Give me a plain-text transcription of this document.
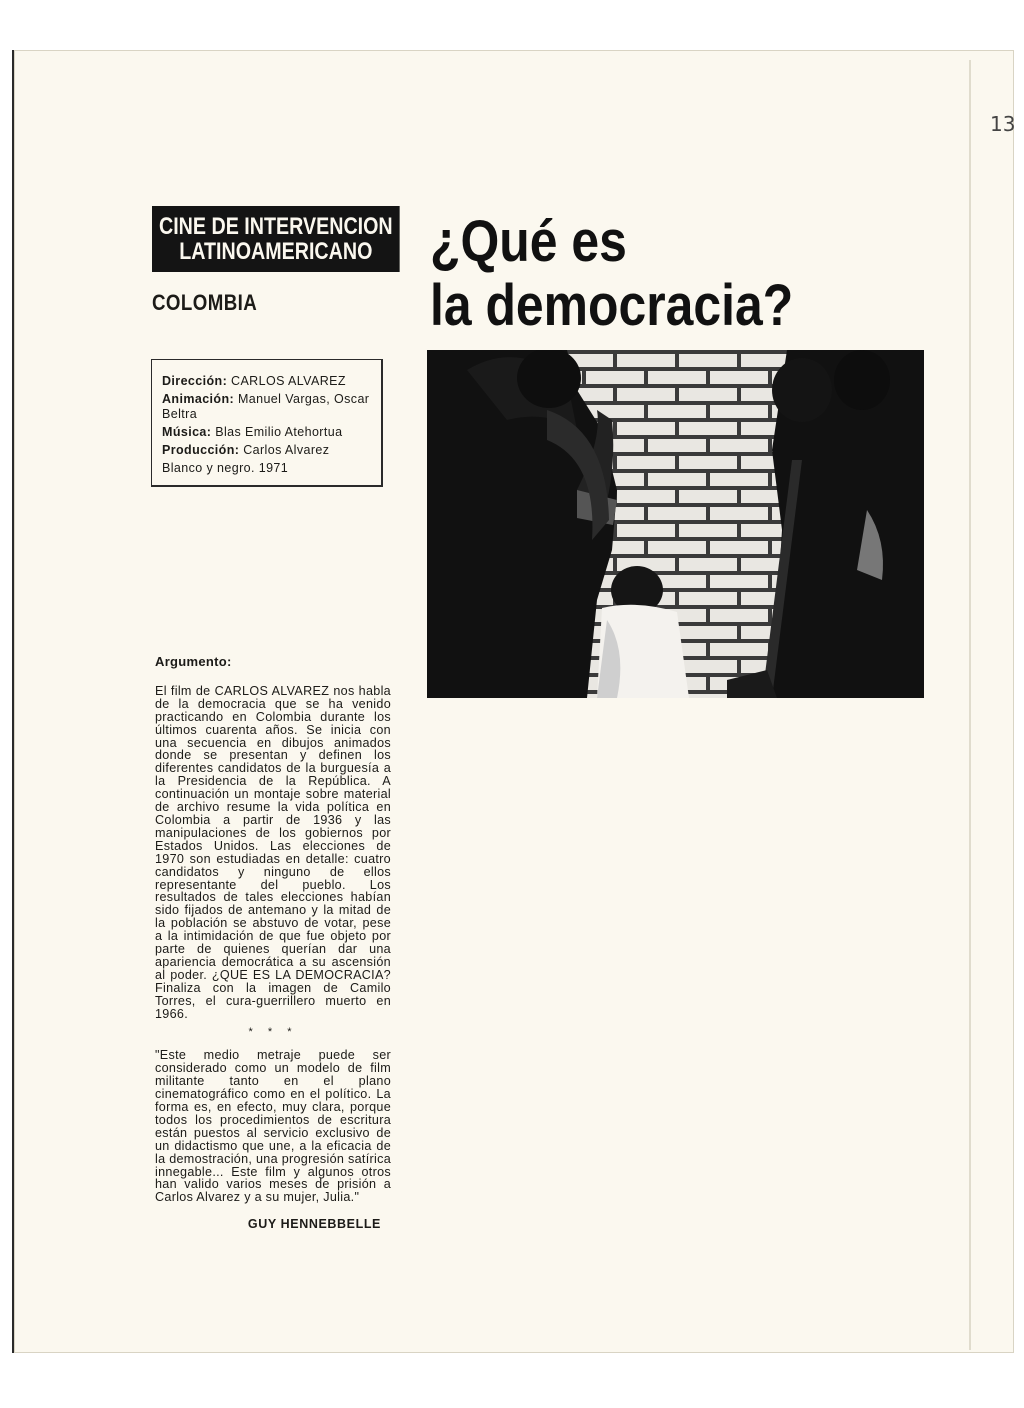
13
CINE DE INTERVENCION
LATINOAMERICANO
COLOMBIA
¿Qué es
la democracia?
Dirección: CARLOS ALVAREZ
Animación: Manuel Vargas, Oscar Beltra
Música: Blas Emilio Atehortua
Producción: Carlos Alvarez
Blanco y negro. 1971
Argumento:

El film de CARLOS ALVAREZ nos habla de la democracia que se ha venido practicando en Colombia durante los últimos cuarenta años. Se inicia con una secuencia en dibujos animados donde se presentan y definen los diferentes candidatos de la burguesía a la Presidencia de la República. A continuación un montaje sobre material de archivo resume la vida política en Colombia a partir de 1936 y las manipulaciones de los gobiernos por Estados Unidos. Las elecciones de 1970 son estudiadas en detalle: cuatro candidatos y ninguno de ellos representante del pueblo. Los resultados de tales elecciones habían sido fijados de antemano y la mitad de la población se abstuvo de votar, pese a la intimidación de que fue objeto por parte de quienes querían dar una apariencia democrática a su ascensión al poder. ¿QUE ES LA DEMOCRACIA? Finaliza con la imagen de Camilo Torres, el cura-guerrillero muerto en 1966.

* * *

"Este medio metraje puede ser considerado como un modelo de film militante tanto en el plano cinematográfico como en el político. La forma es, en efecto, muy clara, porque todos los procedimientos de escritura están puestos al servicio exclusivo de un didactismo que une, a la eficacia de la demostración, una progresión satírica innegable... Este film y algunos otros han valido varios meses de prisión a Carlos Alvarez y a su mujer, Julia."

GUY HENNEBBELLE
